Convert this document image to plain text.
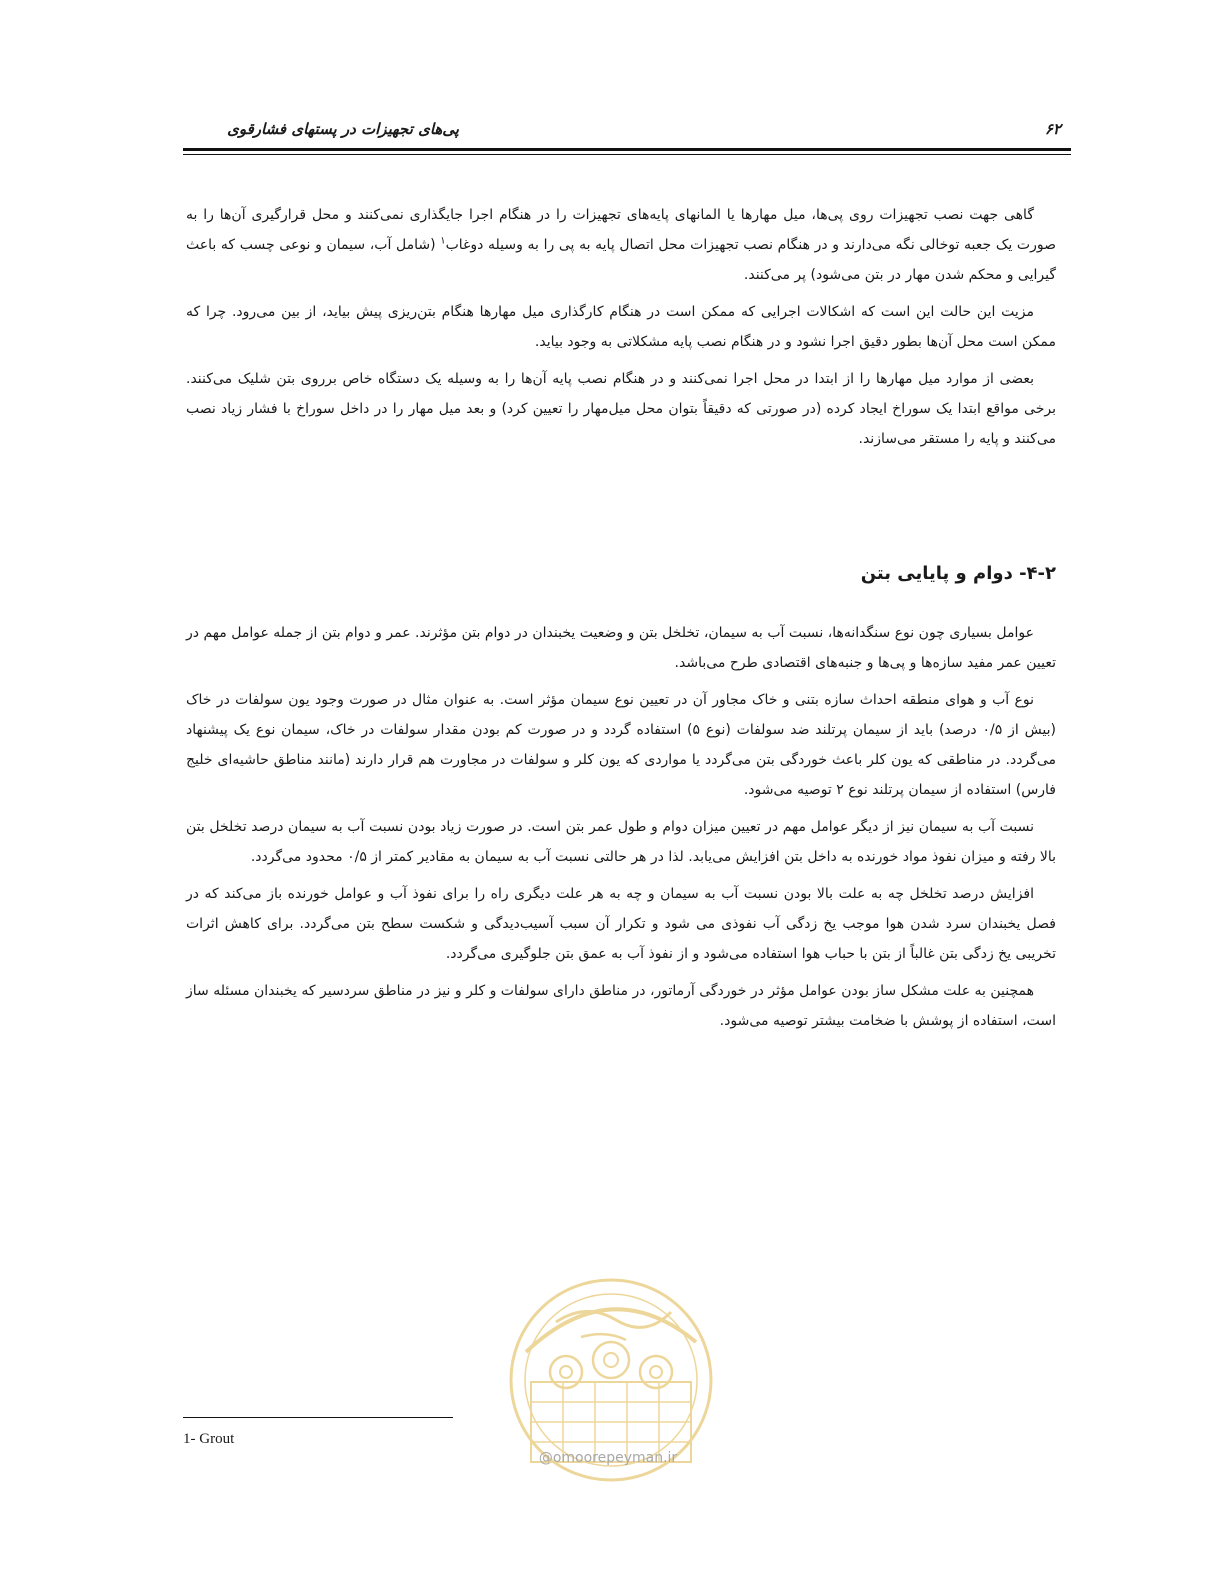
پی‌های تجهیزات در پستهای فشارقوی	۶۲

گاهی جهت نصب تجهیزات روی پی‌ها، میل مهارها یا المانهای پایه‌های تجهیزات را در هنگام اجرا جایگذاری نمی‌کنند و محل قرارگیری آن‌ها را به صورت یک جعبه توخالی نگه می‌دارند و در هنگام نصب تجهیزات محل اتصال پایه به پی را به وسیله دوغاب$^۱$ (شامل آب، سیمان و نوعی چسب که باعث گیرایی و محکم شدن مهار در بتن می‌شود) پر می‌کنند.

مزیت این حالت این است که اشکالات اجرایی که ممکن است در هنگام کارگذاری میل مهارها هنگام بتن‌ریزی پیش بیاید، از بین می‌رود. چرا که ممکن است محل آن‌ها بطور دقیق اجرا نشود و در هنگام نصب پایه مشکلاتی به وجود بیاید.

بعضی از موارد میل مهارها را از ابتدا در محل اجرا نمی‌کنند و در هنگام نصب پایه آن‌ها را به وسیله یک دستگاه خاص برروی بتن شلیک می‌کنند. برخی مواقع ابتدا یک سوراخ ایجاد کرده (در صورتی که دقیقاً بتوان محل میل‌مهار را تعیین کرد) و بعد میل مهار را در داخل سوراخ با فشار زیاد نصب می‌کنند و پایه را مستقر می‌سازند.

۴-۲- دوام و پایایی بتن

عوامل بسیاری چون نوع سنگدانه‌ها، نسبت آب به سیمان، تخلخل بتن و وضعیت یخبندان در دوام بتن مؤثرند. عمر و دوام بتن از جمله عوامل مهم در تعیین عمر مفید سازه‌ها و پی‌ها و جنبه‌های اقتصادی طرح می‌باشد.

نوع آب و هوای منطقه احداث سازه بتنی و خاک مجاور آن در تعیین نوع سیمان مؤثر است. به عنوان مثال در صورت وجود یون سولفات در خاک (بیش از ۰/۵ درصد) باید از سیمان پرتلند ضد سولفات (نوع ۵) استفاده گردد و در صورت کم بودن مقدار سولفات در خاک، سیمان نوع یک پیشنهاد می‌گردد. در مناطقی که یون کلر باعث خوردگی بتن می‌گردد یا مواردی که یون کلر و سولفات در مجاورت هم قرار دارند (مانند مناطق حاشیه‌ای خلیج فارس) استفاده از سیمان پرتلند نوع ۲ توصیه می‌شود.

نسبت آب به سیمان نیز از دیگر عوامل مهم در تعیین میزان دوام و طول عمر بتن است. در صورت زیاد بودن نسبت آب به سیمان درصد تخلخل بتن بالا رفته و میزان نفوذ مواد خورنده به داخل بتن افزایش می‌یابد. لذا در هر حالتی نسبت آب به سیمان به مقادیر کمتر از ۰/۵ محدود می‌گردد.

افزایش درصد تخلخل چه به علت بالا بودن نسبت آب به سیمان و چه به هر علت دیگری راه را برای نفوذ آب و عوامل خورنده باز می‌کند که در فصل یخبندان سرد شدن هوا موجب یخ زدگی آب نفوذی می شود و تکرار آن سبب آسیب‌دیدگی و شکست سطح بتن می‌گردد. برای کاهش اثرات تخریبی یخ زدگی بتن غالباً از بتن با حباب هوا استفاده می‌شود و از نفوذ آب به عمق بتن جلوگیری می‌گردد.

همچنین به علت مشکل ساز بودن عوامل مؤثر در خوردگی آرماتور، در مناطق دارای سولفات و کلر و نیز در مناطق سردسیر که یخبندان مسئله ساز است، استفاده از پوشش با ضخامت بیشتر توصیه می‌شود.

@omoorepeyman.ir
1- Grout
